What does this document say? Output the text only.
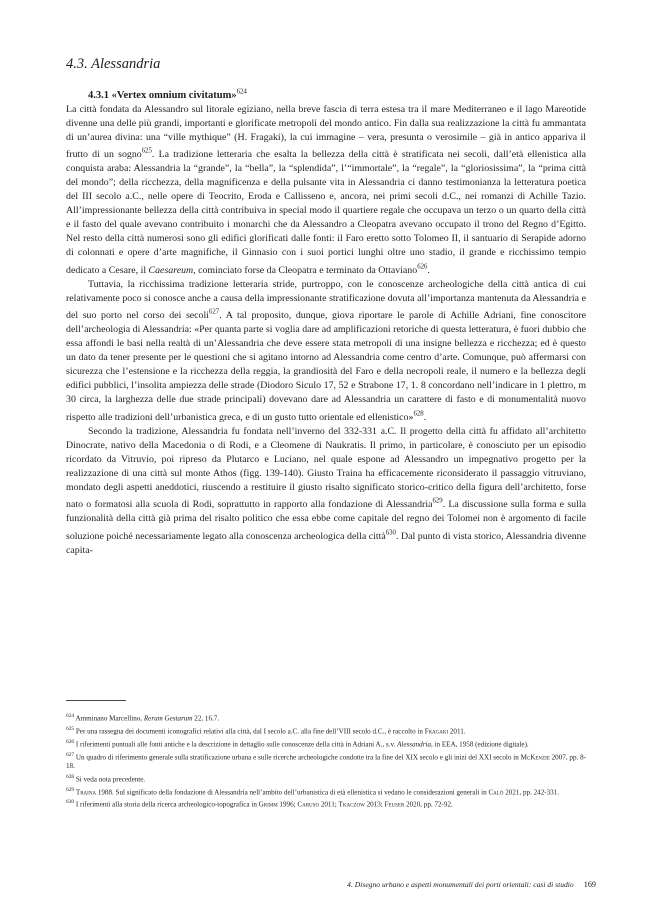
4.3. Alessandria

4.3.1 «Vertex omnium civitatum»$^{624}$
La città fondata da Alessandro sul litorale egiziano, nella breve fascia di terra estesa tra il mare Mediterraneo e il lago Mareotide divenne una delle più grandi, importanti e glorificate metropoli del mondo antico. Fin dalla sua realizzazione la città fu ammantata di un’aurea divina: una “ville mythique” (H. Fragaki), la cui immagine – vera, presunta o verosimile – già in antico appariva il frutto di un sogno$^{625}$. La tradizione letteraria che esalta la bellezza della città è stratificata nei secoli, dall’età ellenistica alla conquista araba: Alessandria la “grande”, la “bella”, la “splendida”, l’“immortale”, la “regale”, la “gloriosissima”, la “prima città del mondo”; della ricchezza, della magnificenza e della pulsante vita in Alessandria ci danno testimonianza la letteratura poetica del III secolo a.C., nelle opere di Teocrito, Eroda e Callisseno e, ancora, nei primi secoli d.C., nei romanzi di Achille Tazio. All’impressionante bellezza della città contribuiva in special modo il quartiere regale che occupava un terzo o un quarto della città e il fasto del quale avevano contribuito i monarchi che da Alessandro a Cleopatra avevano occupato il trono del Regno d’Egitto. Nel resto della città numerosi sono gli edifici glorificati dalle fonti: il Faro eretto sotto Tolomeo II, il santuario di Serapide adorno di colonnati e opere d’arte magnifiche, il Ginnasio con i suoi portici lunghi oltre uno stadio, il grande e ricchissimo tempio dedicato a Cesare, il Caesareum, cominciato forse da Cleopatra e terminato da Ottaviano$^{626}$.

Tuttavia, la ricchissima tradizione letteraria stride, purtroppo, con le conoscenze archeologiche della città antica di cui relativamente poco si conosce anche a causa della impressionante stratificazione dovuta all’importanza mantenuta da Alessandria e del suo porto nel corso dei secoli$^{627}$. A tal proposito, dunque, giova riportare le parole di Achille Adriani, fine conoscitore dell’archeologia di Alessandria: «Per quanta parte si voglia dare ad amplificazioni retoriche di questa letteratura, è fuori dubbio che essa affondi le basi nella realtà di un’Alessandria che deve essere stata metropoli di una insigne bellezza e ricchezza; ed è questo un dato da tener presente per le questioni che si agitano intorno ad Alessandria come centro d’arte. Comunque, può affermarsi con sicurezza che l’estensione e la ricchezza della reggia, la grandiosità del Faro e della necropoli reale, il numero e la bellezza degli edifici pubblici, l’insolita ampiezza delle strade (Diodoro Siculo 17, 52 e Strabone 17, 1. 8 concordano nell’indicare in 1 plettro, m 30 circa, la larghezza delle due strade principali) dovevano dare ad Alessandria un carattere di fasto e di monumentalità nuovo rispetto alle tradizioni dell’urbanistica greca, e di un gusto tutto orientale ed ellenistico»$^{628}$.

Secondo la tradizione, Alessandria fu fondata nell’inverno del 332-331 a.C. Il progetto della città fu affidato all’architetto Dinocrate, nativo della Macedonia o di Rodi, e a Cleomene di Naukratis. Il primo, in particolare, è conosciuto per un episodio ricordato da Vitruvio, poi ripreso da Plutarco e Luciano, nel quale espone ad Alessandro un impegnativo progetto per la realizzazione di una città sul monte Athos (figg. 139-140). Giusto Traina ha efficacemente riconsiderato il passaggio vitruviano, mondato degli aspetti aneddotici, riuscendo a restituire il giusto risalto significato storico-critico della figura dell’architetto, forse nato o formatosi alla scuola di Rodi, soprattutto in rapporto alla fondazione di Alessandria$^{629}$. La discussione sulla forma e sulla funzionalità della città già prima del risalto politico che essa ebbe come capitale del regno dei Tolomei non è argomento di facile soluzione poiché necessariamente legato alla conoscenza archeologica della città$^{630}$. Dal punto di vista storico, Alessandria divenne capita-

$^{624}$ Amminano Marcellino, Rerum Gestarum 22, 16.7.

$^{625}$ Per una rassegna dei documenti iconografici relativi alla città, dal I secolo a.C. alla fine dell’VIII secolo d.C., è raccolto in Fragaki 2011.

$^{626}$ I riferimenti puntuali alle fonti antiche e la descrizione in dettaglio sulle conoscenze della città in Adriani A., s.v. Alessandria, in EEA, 1958 (edizione digitale).

$^{627}$ Un quadro di riferimento generale sulla stratificazione urbana e sulle ricerche archeologiche condotte tra la fine del XIX secolo e gli inizi del XXI secolo in McKenzie 2007, pp. 8-18.

$^{628}$ Si veda nota precedente.

$^{629}$ Traina 1988. Sul significato della fondazione di Alessandria nell’ambito dell’urbanistica di età ellenistica si vedano le considerazioni generali in Calò 2021, pp. 242-331.

$^{630}$ I riferimenti alla storia della ricerca archeologico-topografica in Grimm 1996; Caruso 2011; Tkaczow 2013; Feuser 2020, pp. 72-92.

4. Disegno urbano e aspetti monumentali dei porti orientali: casi di studio 169
